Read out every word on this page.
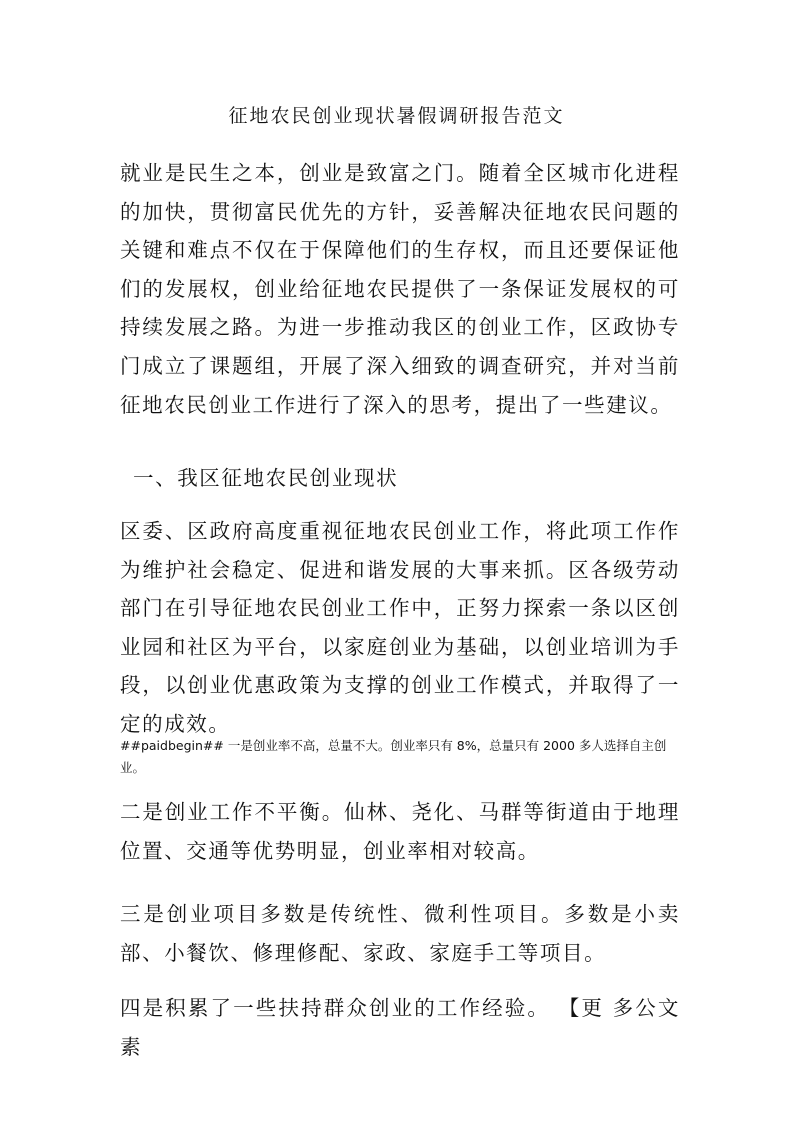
征地农民创业现状暑假调研报告范文
就业是民生之本，创业是致富之门。随着全区城市化进程的加快，贯彻富民优先的方针，妥善解决征地农民问题的关键和难点不仅在于保障他们的生存权，而且还要保证他们的发展权，创业给征地农民提供了一条保证发展权的可持续发展之路。为进一步推动我区的创业工作，区政协专门成立了课题组，开展了深入细致的调查研究，并对当前征地农民创业工作进行了深入的思考，提出了一些建议。
一、我区征地农民创业现状
区委、区政府高度重视征地农民创业工作，将此项工作作为维护社会稳定、促进和谐发展的大事来抓。区各级劳动部门在引导征地农民创业工作中，正努力探索一条以区创业园和社区为平台，以家庭创业为基础，以创业培训为手段，以创业优惠政策为支撑的创业工作模式，并取得了一定的成效。
##paidbegin## 一是创业率不高，总量不大。创业率只有 8%，总量只有 2000 多人选择自主创业。
二是创业工作不平衡。仙林、尧化、马群等街道由于地理位置、交通等优势明显，创业率相对较高。
三是创业项目多数是传统性、微利性项目。多数是小卖部、小餐饮、修理修配、家政、家庭手工等项目。
四是积累了一些扶持群众创业的工作经验。 【更 多公文素
